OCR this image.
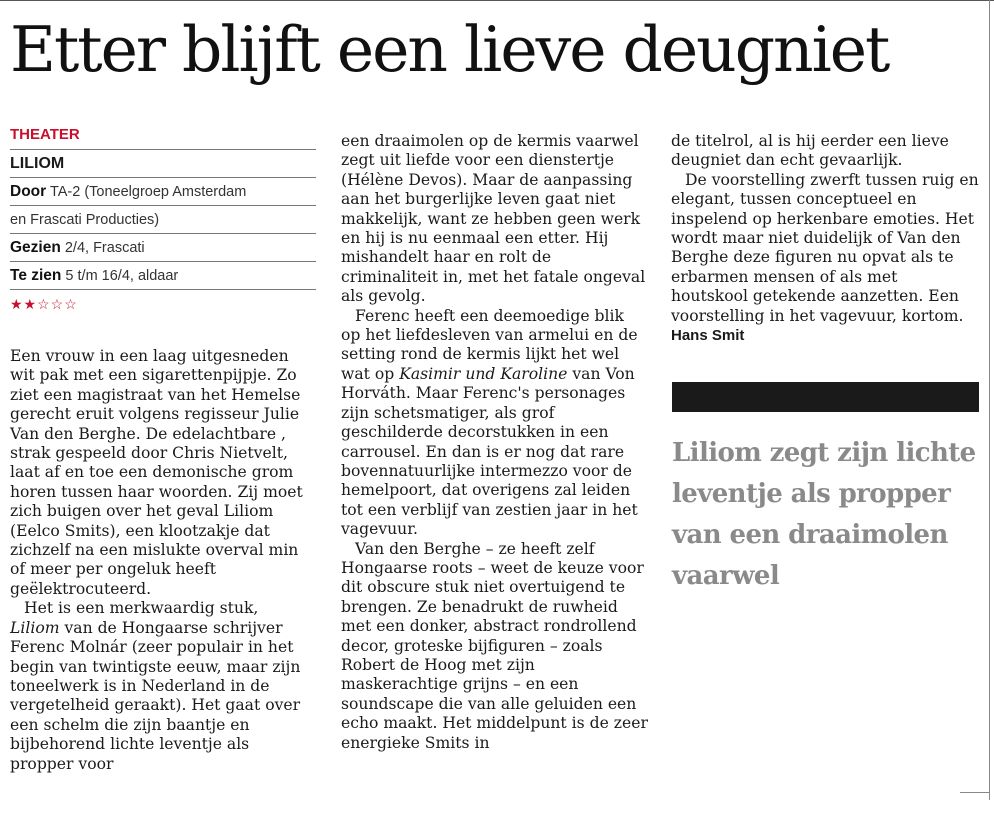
Etter blijft een lieve deugniet
THEATER
LILIOM
Door TA-2 (Toneelgroep Amsterdam
en Frascati Producties)
Gezien 2/4, Frascati
Te zien 5 t/m 16/4, aldaar
★★☆☆☆

Een vrouw in een laag uitgesneden wit pak met een sigarettenpijpje. Zo ziet een magistraat van het Hemelse gerecht eruit volgens regisseur Julie Van den Berghe. De edelachtbare , strak gespeeld door Chris Nietvelt, laat af en toe een demonische grom horen tussen haar woorden. Zij moet zich buigen over het geval Liliom (Eelco Smits), een klootzakje dat zichzelf na een mislukte overval min of meer per ongeluk heeft geëlektrocuteerd.

Het is een merkwaardig stuk, Liliom van de Hongaarse schrijver Ferenc Molnár (zeer populair in het begin van twintigste eeuw, maar zijn toneelwerk is in Nederland in de vergetelheid geraakt). Het gaat over een schelm die zijn baantje en bijbehorend lichte leventje als propper voor

een draaimolen op de kermis vaarwel zegt uit liefde voor een dienstertje (Hélène Devos). Maar de aanpassing aan het burgerlijke leven gaat niet makkelijk, want ze hebben geen werk en hij is nu eenmaal een etter. Hij mishandelt haar en rolt de criminaliteit in, met het fatale ongeval als gevolg.

Ferenc heeft een deemoedige blik op het liefdesleven van armelui en de setting rond de kermis lijkt het wel wat op Kasimir und Karoline van Von Horváth. Maar Ferenc's personages zijn schetsmatiger, als grof geschilderde decorstukken in een carrousel. En dan is er nog dat rare bovennatuurlijke intermezzo voor de hemelpoort, dat overigens zal leiden tot een verblijf van zestien jaar in het vagevuur.

Van den Berghe – ze heeft zelf Hongaarse roots – weet de keuze voor dit obscure stuk niet overtuigend te brengen. Ze benadrukt de ruwheid met een donker, abstract rondrollend decor, groteske bijfiguren – zoals Robert de Hoog met zijn maskerachtige grijns – en een soundscape die van alle geluiden een echo maakt. Het middelpunt is de zeer energieke Smits in

de titelrol, al is hij eerder een lieve deugniet dan echt gevaarlijk.

De voorstelling zwerft tussen ruig en elegant, tussen conceptueel en inspelend op herkenbare emoties. Het wordt maar niet duidelijk of Van den Berghe deze figuren nu opvat als te erbarmen mensen of als met houtskool getekende aanzetten. Een voorstelling in het vagevuur, kortom.

Hans Smit

Liliom zegt zijn lichte leventje als propper van een draaimolen vaarwel
